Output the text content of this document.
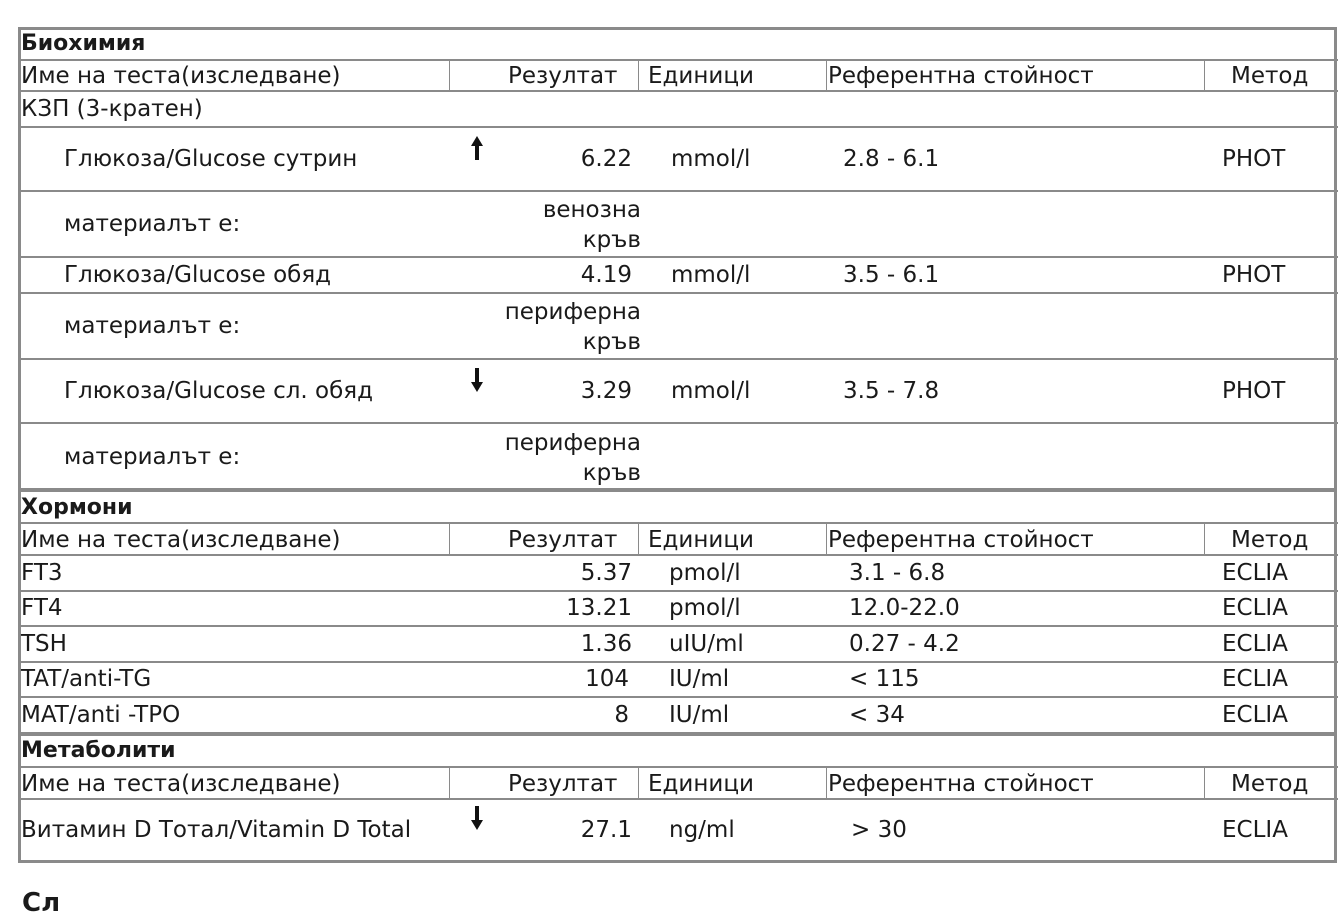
Биохимия
Име на теста(изследване)	Резултат Единици	Референтна стойност	Метод
КЗП (3-кратен)
Глюкоза/Glucose сутрин	6.22 mmol/l	2.8 - 6.1	PHOT
материалът е:
венозна
кръв
Глюкоза/Glucose обяд	4.19 mmol/l	3.5 - 6.1	PHOT
материалът е:
периферна
кръв
Глюкоза/Glucose сл. обяд	3.29 mmol/l	3.5 - 7.8	PHOT
материалът е:
периферна
кръв
Хормони
Име на теста(изследване)	Резултат Единици	Референтна стойност	Метод
FT3	5.37 pmol/l	3.1 - 6.8	ECLIA
FT4	13.21 pmol/l	12.0-22.0	ECLIA
TSH	1.36 uIU/ml	0.27 - 4.2	ECLIA
TAT/anti-TG	104 IU/ml	< 115	ECLIA
MAT/anti -TPO	8 IU/ml	< 34	ECLIA
Метаболити
Име на теста(изследване)	Резултат Единици	Референтна стойност	Метод
Витамин D Тотал/Vitamin D Total	27.1 ng/ml	> 30	ECLIA
Сл
